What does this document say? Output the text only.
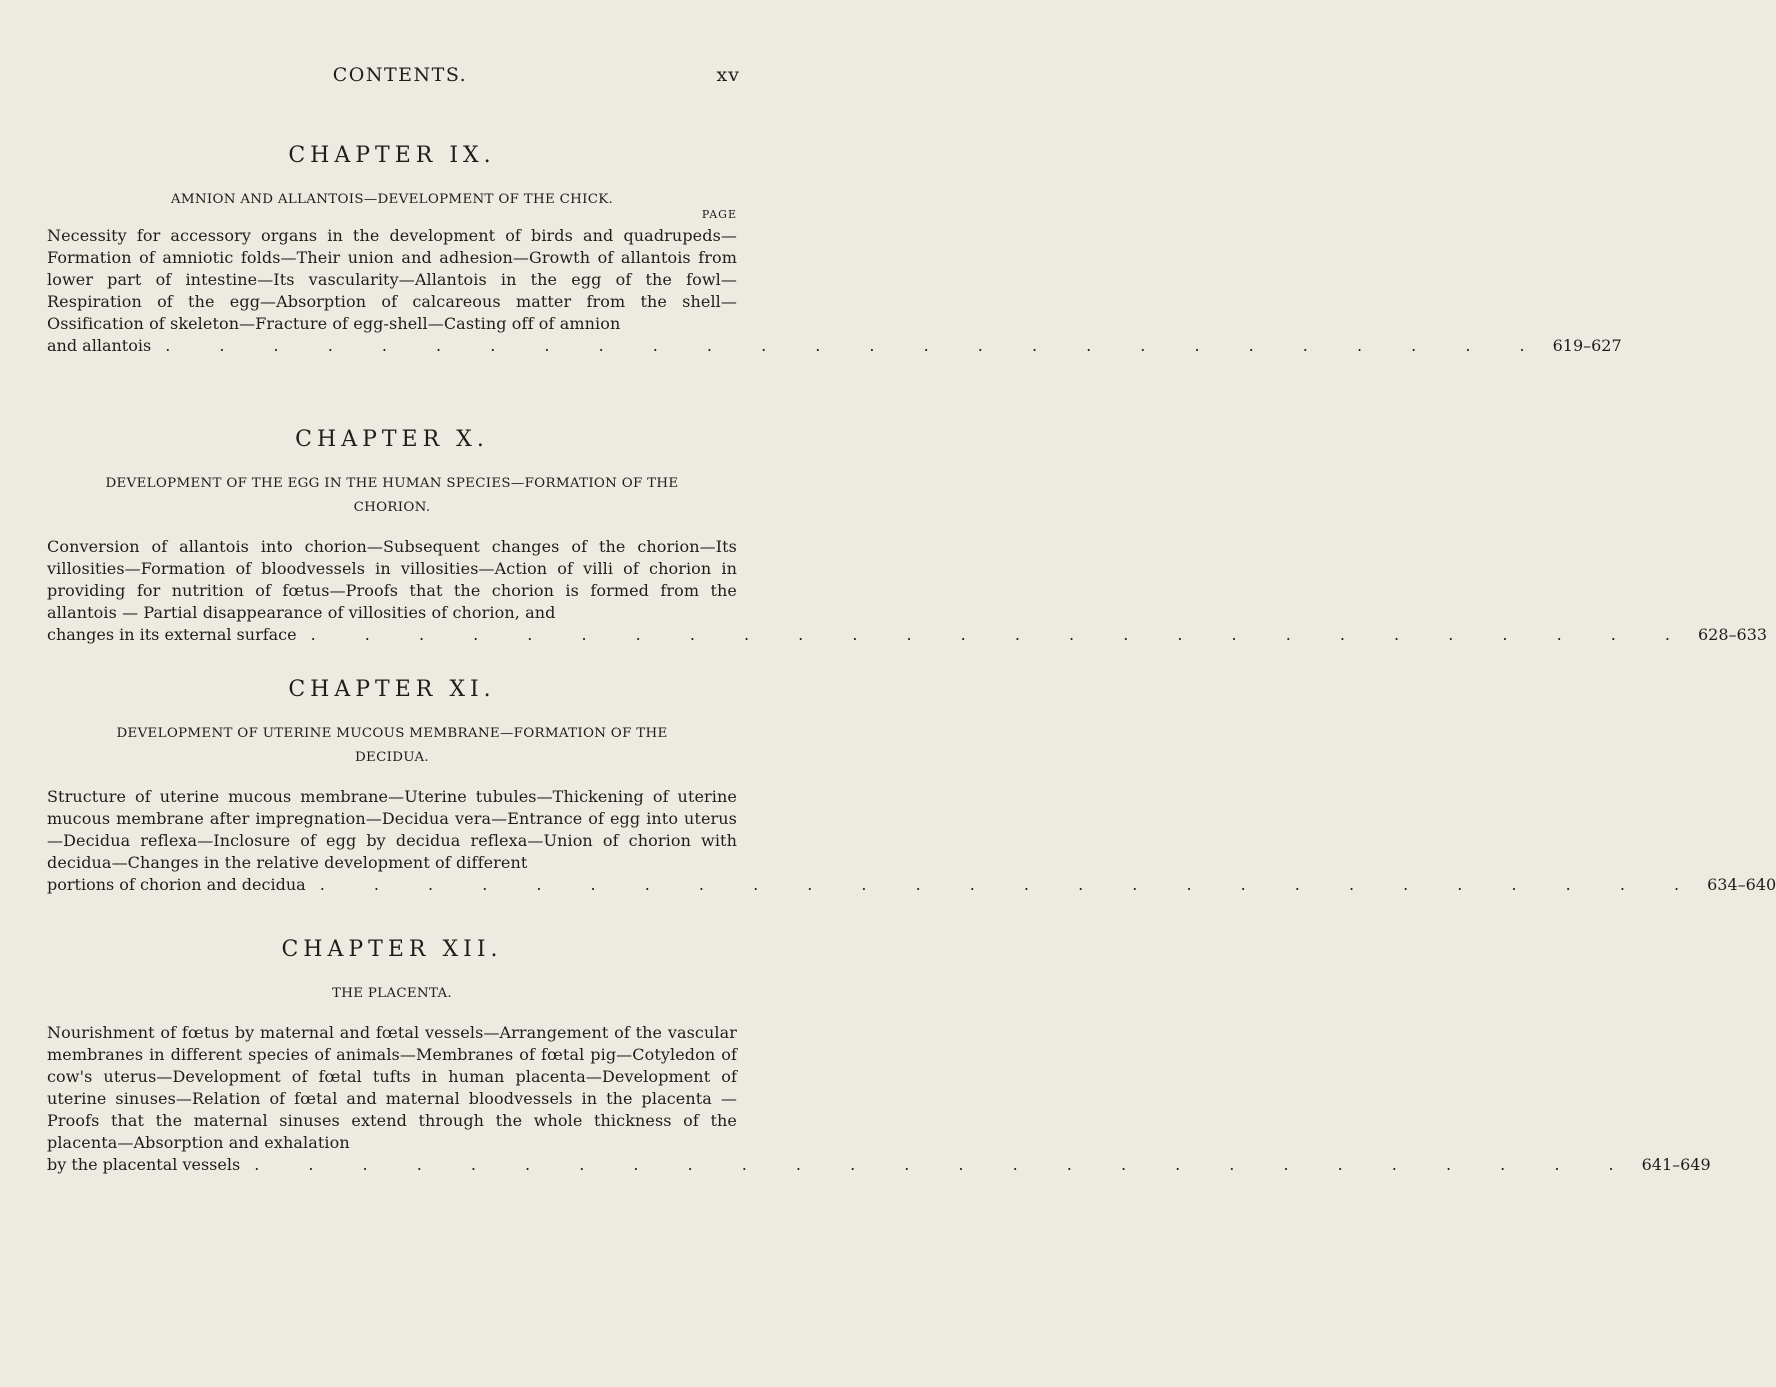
CONTENTS.	xv
CHAPTER IX.
AMNION AND ALLANTOIS—DEVELOPMENT OF THE CHICK.
PAGE

Necessity for accessory organs in the development of birds and quadrupeds—Formation of amniotic folds—Their union and adhesion—Growth of allantois from lower part of intestine—Its vascularity—Allantois in the egg of the fowl—Respiration of the egg—Absorption of calcareous matter from the shell—Ossification of skeleton—Fracture of egg-shell—Casting off of amnion

and allantois . . . . . . . . . . . . . . . . . . . . . . . . . . 619–627
CHAPTER X.
DEVELOPMENT OF THE EGG IN THE HUMAN SPECIES—FORMATION OF THE
CHORION.

Conversion of allantois into chorion—Subsequent changes of the chorion—Its villosities—Formation of bloodvessels in villosities—Action of villi of chorion in providing for nutrition of fœtus—Proofs that the chorion is formed from the allantois — Partial disappearance of villosities of chorion, and

changes in its external surface . . . . . . . . . . . . . . . . . . . . . . . . . . 628–633
CHAPTER XI.
DEVELOPMENT OF UTERINE MUCOUS MEMBRANE—FORMATION OF THE
DECIDUA.

Structure of uterine mucous membrane—Uterine tubules—Thickening of uterine mucous membrane after impregnation—Decidua vera—Entrance of egg into uterus—Decidua reflexa—Inclosure of egg by decidua reflexa—Union of chorion with decidua—Changes in the relative development of different

portions of chorion and decidua . . . . . . . . . . . . . . . . . . . . . . . . . . 634–640
CHAPTER XII.
THE PLACENTA.

Nourishment of fœtus by maternal and fœtal vessels—Arrangement of the vascular membranes in different species of animals—Membranes of fœtal pig—Cotyledon of cow's uterus—Development of fœtal tufts in human placenta—Development of uterine sinuses—Relation of fœtal and maternal bloodvessels in the placenta — Proofs that the maternal sinuses extend through the whole thickness of the placenta—Absorption and exhalation

by the placental vessels . . . . . . . . . . . . . . . . . . . . . . . . . . 641–649
